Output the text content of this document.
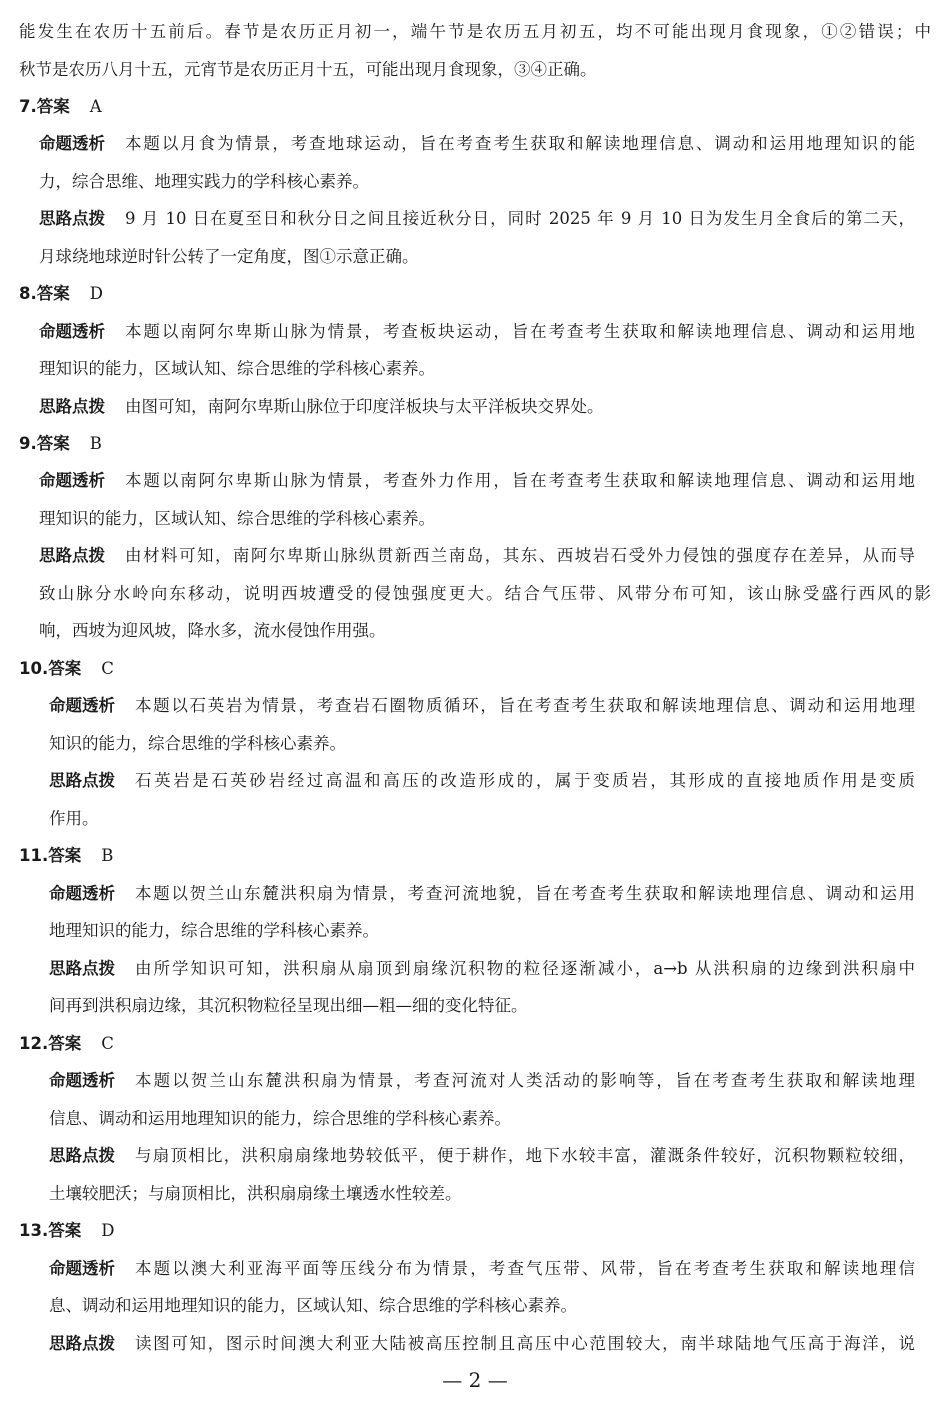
能发生在农历十五前后。春节是农历正月初一，端午节是农历五月初五，均不可能出现月食现象，①②错误；中
秋节是农历八月十五，元宵节是农历正月十五，可能出现月食现象，③④正确。
7.答案 A
命题透析 本题以月食为情景，考查地球运动，旨在考查考生获取和解读地理信息、调动和运用地理知识的能
力，综合思维、地理实践力的学科核心素养。
思路点拨 9 月 10 日在夏至日和秋分日之间且接近秋分日，同时 2025 年 9 月 10 日为发生月全食后的第二天，
月球绕地球逆时针公转了一定角度，图①示意正确。
8.答案 D
命题透析 本题以南阿尔卑斯山脉为情景，考查板块运动，旨在考查考生获取和解读地理信息、调动和运用地
理知识的能力，区域认知、综合思维的学科核心素养。
思路点拨 由图可知，南阿尔卑斯山脉位于印度洋板块与太平洋板块交界处。
9.答案 B
命题透析 本题以南阿尔卑斯山脉为情景，考查外力作用，旨在考查考生获取和解读地理信息、调动和运用地
理知识的能力，区域认知、综合思维的学科核心素养。
思路点拨 由材料可知，南阿尔卑斯山脉纵贯新西兰南岛，其东、西坡岩石受外力侵蚀的强度存在差异，从而导
致山脉分水岭向东移动，说明西坡遭受的侵蚀强度更大。结合气压带、风带分布可知，该山脉受盛行西风的影
响，西坡为迎风坡，降水多，流水侵蚀作用强。
10.答案 C
命题透析 本题以石英岩为情景，考查岩石圈物质循环，旨在考查考生获取和解读地理信息、调动和运用地理
知识的能力，综合思维的学科核心素养。
思路点拨 石英岩是石英砂岩经过高温和高压的改造形成的，属于变质岩，其形成的直接地质作用是变质
作用。
11.答案 B
命题透析 本题以贺兰山东麓洪积扇为情景，考查河流地貌，旨在考查考生获取和解读地理信息、调动和运用
地理知识的能力，综合思维的学科核心素养。
思路点拨 由所学知识可知，洪积扇从扇顶到扇缘沉积物的粒径逐渐减小，a→b 从洪积扇的边缘到洪积扇中
间再到洪积扇边缘，其沉积物粒径呈现出细—粗—细的变化特征。
12.答案 C
命题透析 本题以贺兰山东麓洪积扇为情景，考查河流对人类活动的影响等，旨在考查考生获取和解读地理
信息、调动和运用地理知识的能力，综合思维的学科核心素养。
思路点拨 与扇顶相比，洪积扇扇缘地势较低平，便于耕作，地下水较丰富，灌溉条件较好，沉积物颗粒较细，
土壤较肥沃；与扇顶相比，洪积扇扇缘土壤透水性较差。
13.答案 D
命题透析 本题以澳大利亚海平面等压线分布为情景，考查气压带、风带，旨在考查考生获取和解读地理信
息、调动和运用地理知识的能力，区域认知、综合思维的学科核心素养。
思路点拨 读图可知，图示时间澳大利亚大陆被高压控制且高压中心范围较大，南半球陆地气压高于海洋，说
— 2 —
